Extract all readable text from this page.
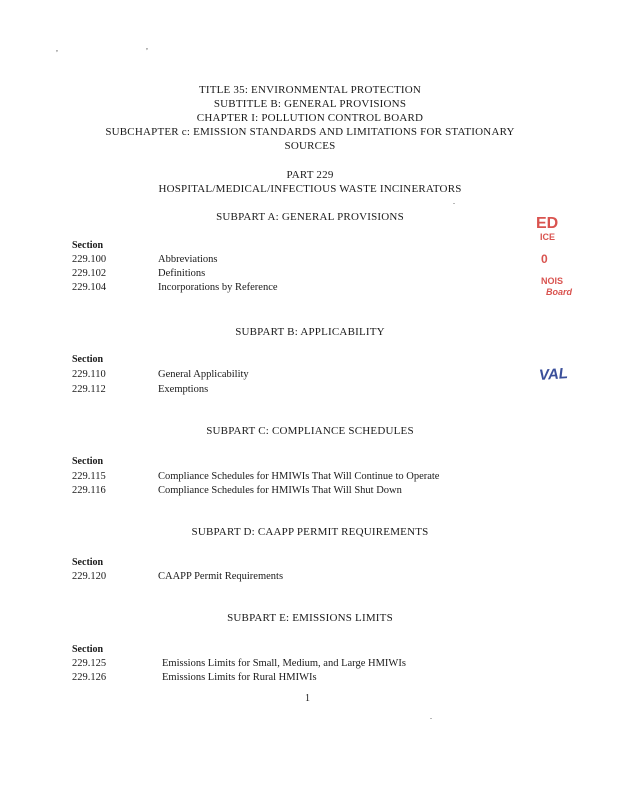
,	,
TITLE 35: ENVIRONMENTAL PROTECTION
SUBTITLE B: GENERAL PROVISIONS
CHAPTER I: POLLUTION CONTROL BOARD
SUBCHAPTER c: EMISSION STANDARDS AND LIMITATIONS FOR STATIONARY
SOURCES
PART 229
HOSPITAL/MEDICAL/INFECTIOUS WASTE INCINERATORS
SUBPART A: GENERAL PROVISIONS
Section
229.100	Abbreviations
229.102	Definitions
229.104	Incorporations by Reference
SUBPART B: APPLICABILITY
Section
229.110	General Applicability
229.112	Exemptions
SUBPART C: COMPLIANCE SCHEDULES
Section
229.115	Compliance Schedules for HMIWIs That Will Continue to Operate
229.116	Compliance Schedules for HMIWIs That Will Shut Down
SUBPART D: CAAPP PERMIT REQUIREMENTS
Section
229.120	CAAPP Permit Requirements
SUBPART E: EMISSIONS LIMITS
Section
229.125	Emissions Limits for Small, Medium, and Large HMIWIs
229.126	Emissions Limits for Rural HMIWIs
1
ED
ICE
0
NOIS
Board
VAL
.
.
